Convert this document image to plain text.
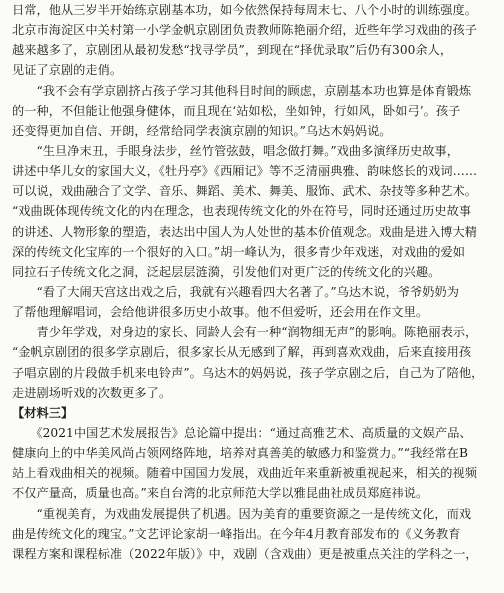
日常，他从三岁半开始练京剧基本功，如今依然保持每周末七、八个小时的训练强度。
北京市海淀区中关村第一小学金帆京剧团负责教师陈艳丽介绍，近些年学习戏曲的孩子
越来越多了，京剧团从最初发愁“找寻学员”，到现在“择优录取”后仍有300余人，
见证了京剧的走俏。
　　“我不会有学京剧挤占孩子学习其他科目时间的顾虑，京剧基本功也算是体育锻炼
的一种，不但能让他强身健体，而且现在‘站如松，坐如钟，行如风，卧如弓’。孩子
还变得更加自信、开朗，经常给同学表演京剧的知识。”乌达木妈妈说。
　　“生旦净末丑，手眼身法步，丝竹管弦鼓，唱念做打舞。”戏曲多演绎历史故事，
讲述中华儿女的家国大义，《牡丹亭》《西厢记》等不乏清丽典雅、韵味悠长的戏词……
可以说，戏曲融合了文学、音乐、舞蹈、美术、舞美、服饰、武术、杂技等多种艺术。
“戏曲既体现传统文化的内在理念，也表现传统文化的外在符号，同时还通过历史故事
的讲述、人物形象的塑造，表达出中国人为人处世的基本价值观念。戏曲是进入博大精
深的传统文化宝库的一个很好的入口。”胡一峰认为，很多青少年戏迷，对戏曲的爱如
同拉石子传统文化之洞，泛起层层涟漪，引发他们对更广泛的传统文化的兴趣。
　　“看了大闹天宫这出戏之后，我就有兴趣看四大名著了。”乌达木说，爷爷奶奶为
了帮他理解唱词，会给他讲很多历史小故事。他不但爱听，还会用在作文里。
　　青少年学戏，对身边的家长、同龄人会有一种“润物细无声”的影响。陈艳丽表示，
“金帆京剧团的很多学京剧后，很多家长从无感到了解，再到喜欢戏曲，后来直接用孩
子唱京剧的片段做手机来电铃声”。乌达木的妈妈说，孩子学京剧之后，自己为了陪他，
走进剧场听戏的次数更多了。
【材料三】
　　《2021中国艺术发展报告》总论篇中提出：“通过高雅艺术、高质量的文娱产品、
健康向上的中华美风尚占领网络阵地，培养对真善美的敏感力和鉴赏力。”“我经常在B
站上看戏曲相关的视频。随着中国国力发展，戏曲近年来重新被重视起来，相关的视频
不仅产量高，质量也高。”来自台湾的北京师范大学以雅昆曲社成员郑庭祎说。
　　“重视美育，为戏曲发展提供了机遇。因为美育的重要资源之一是传统文化，而戏
曲是传统文化的瑰宝。”文艺评论家胡一峰指出。在今年4月教育部发布的《义务教育
课程方案和课程标准（2022年版）》中，戏剧（含戏曲）更是被重点关注的学科之一，
